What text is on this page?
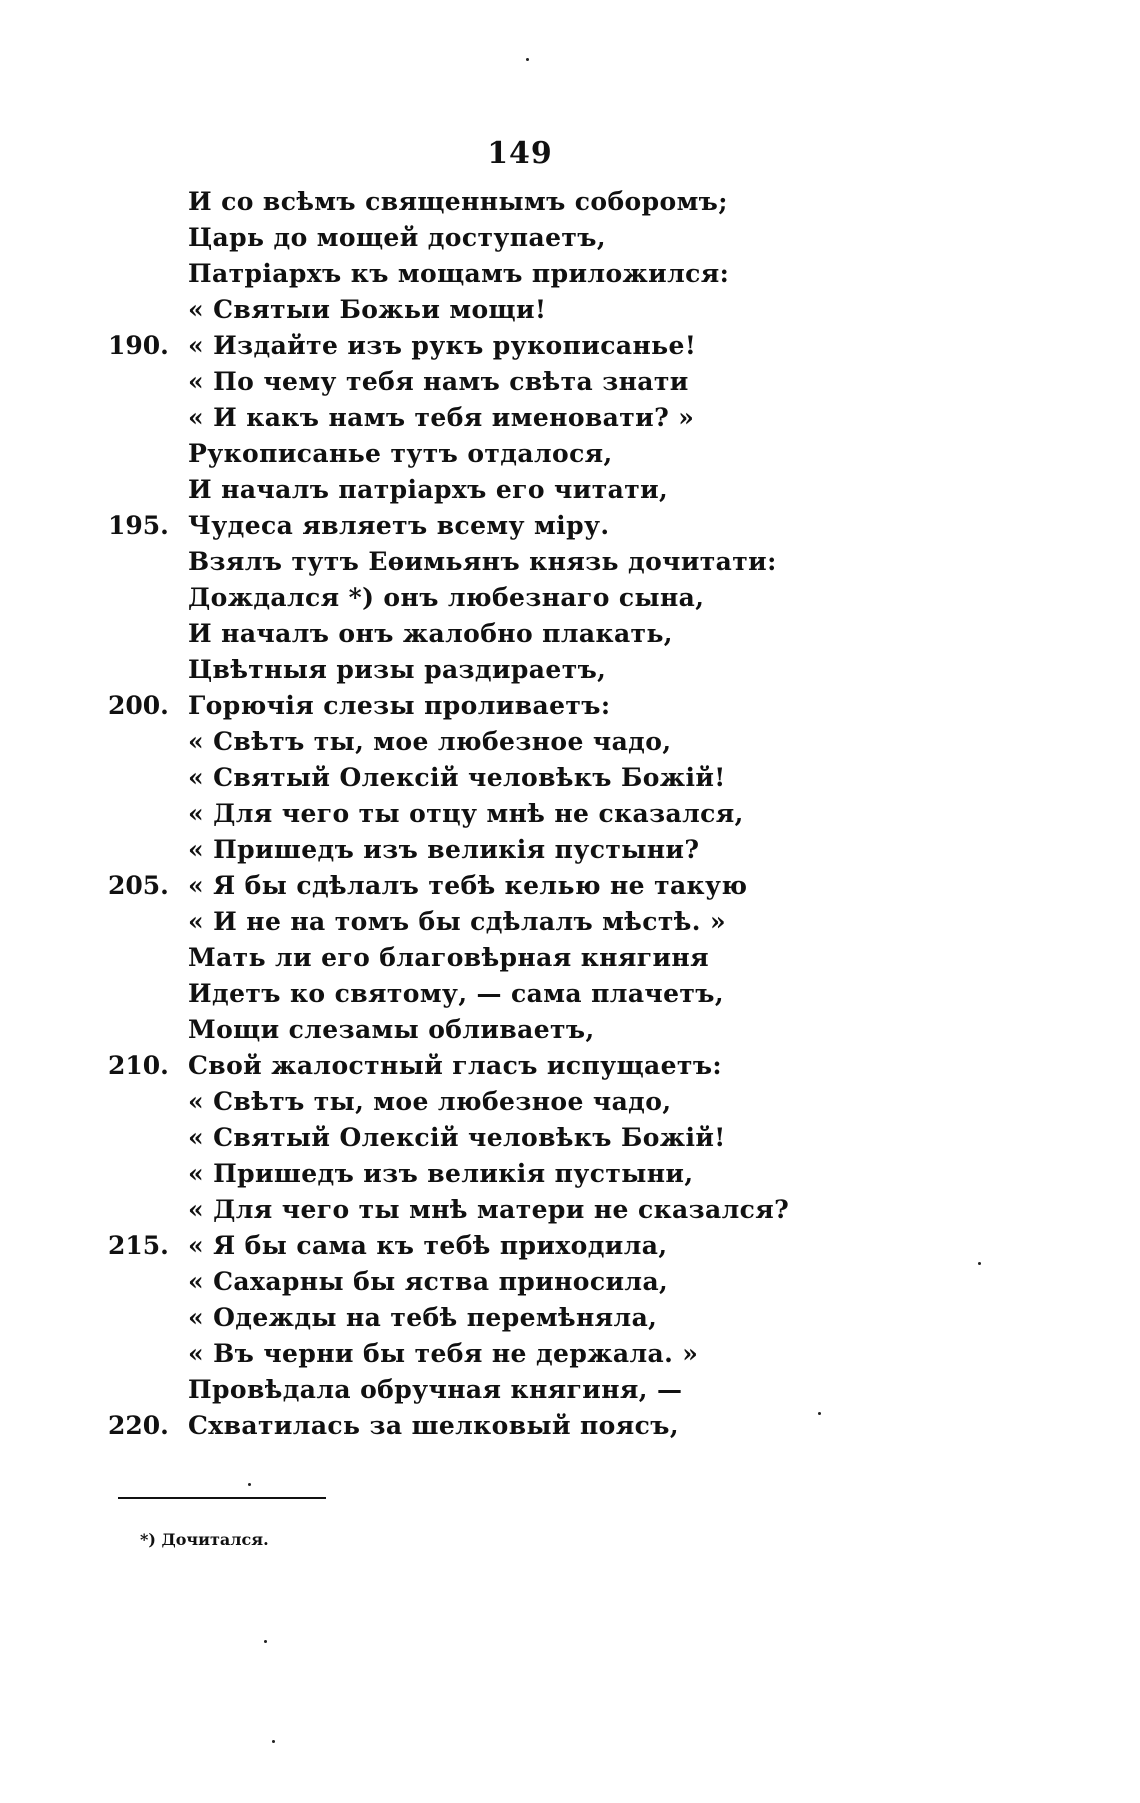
149
И со всѣмъ священнымъ соборомъ;
Царь до мощей доступаетъ,
Патріархъ къ мощамъ приложился:
« Святыи Божьи мощи!
190. « Издайте изъ рукъ рукописанье!
« По чему тебя намъ свѣта знати
« И какъ намъ тебя именовати? »
Рукописанье тутъ отдалося,
И началъ патріархъ его читати,
195. Чудеса являетъ всему міру.
Взялъ тутъ Еѳимьянъ князь дочитати:
Дождался *) онъ любезнаго сына,
И началъ онъ жалобно плакать,
Цвѣтныя ризы раздираетъ,
200. Горючія слезы проливаетъ:
« Свѣтъ ты, мое любезное чадо,
« Святый Олексій человѣкъ Божій!
« Для чего ты отцу мнѣ не сказался,
« Пришедъ изъ великія пустыни?
205. « Я бы сдѣлалъ тебѣ келью не такую
« И не на томъ бы сдѣлалъ мѣстѣ. »
Мать ли его благовѣрная княгиня
Идетъ ко святому, — сама плачетъ,
Мощи слезамы обливаетъ,
210. Свой жалостный гласъ испущаетъ:
« Свѣтъ ты, мое любезное чадо,
« Святый Олексій человѣкъ Божій!
« Пришедъ изъ великія пустыни,
« Для чего ты мнѣ матери не сказался?
215. « Я бы сама къ тебѣ приходила,
« Сахарны бы яства приносила,
« Одежды на тебѣ перемѣняла,
« Въ черни бы тебя не держала. »
Провѣдала обручная княгиня, —
220. Схватилась за шелковый поясъ,
*) Дочитался.
